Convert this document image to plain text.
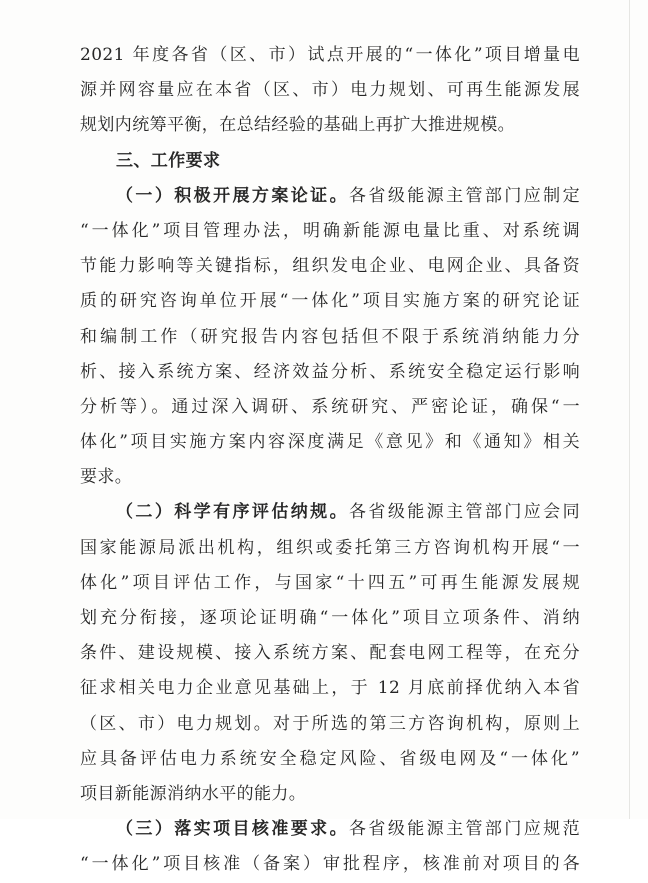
2021 年度各省（区、市）试点开展的“一体化”项目增量电
源并网容量应在本省（区、市）电力规划、可再生能源发展
规划内统筹平衡，在总结经验的基础上再扩大推进规模。
三、工作要求
（一）积极开展方案论证。各省级能源主管部门应制定
“一体化”项目管理办法，明确新能源电量比重、对系统调
节能力影响等关键指标，组织发电企业、电网企业、具备资
质的研究咨询单位开展“一体化”项目实施方案的研究论证
和编制工作（研究报告内容包括但不限于系统消纳能力分
析、接入系统方案、经济效益分析、系统安全稳定运行影响
分析等）。通过深入调研、系统研究、严密论证，确保“一
体化”项目实施方案内容深度满足《意见》和《通知》相关
要求。
（二）科学有序评估纳规。各省级能源主管部门应会同
国家能源局派出机构，组织或委托第三方咨询机构开展“一
体化”项目评估工作，与国家“十四五”可再生能源发展规
划充分衔接，逐项论证明确“一体化”项目立项条件、消纳
条件、建设规模、接入系统方案、配套电网工程等，在充分
征求相关电力企业意见基础上，于 12 月底前择优纳入本省
（区、市）电力规划。对于所选的第三方咨询机构，原则上
应具备评估电力系统安全稳定风险、省级电网及“一体化”
项目新能源消纳水平的能力。
（三）落实项目核准要求。各省级能源主管部门应规范
“一体化”项目核准（备案）审批程序，核准前对项目的各
